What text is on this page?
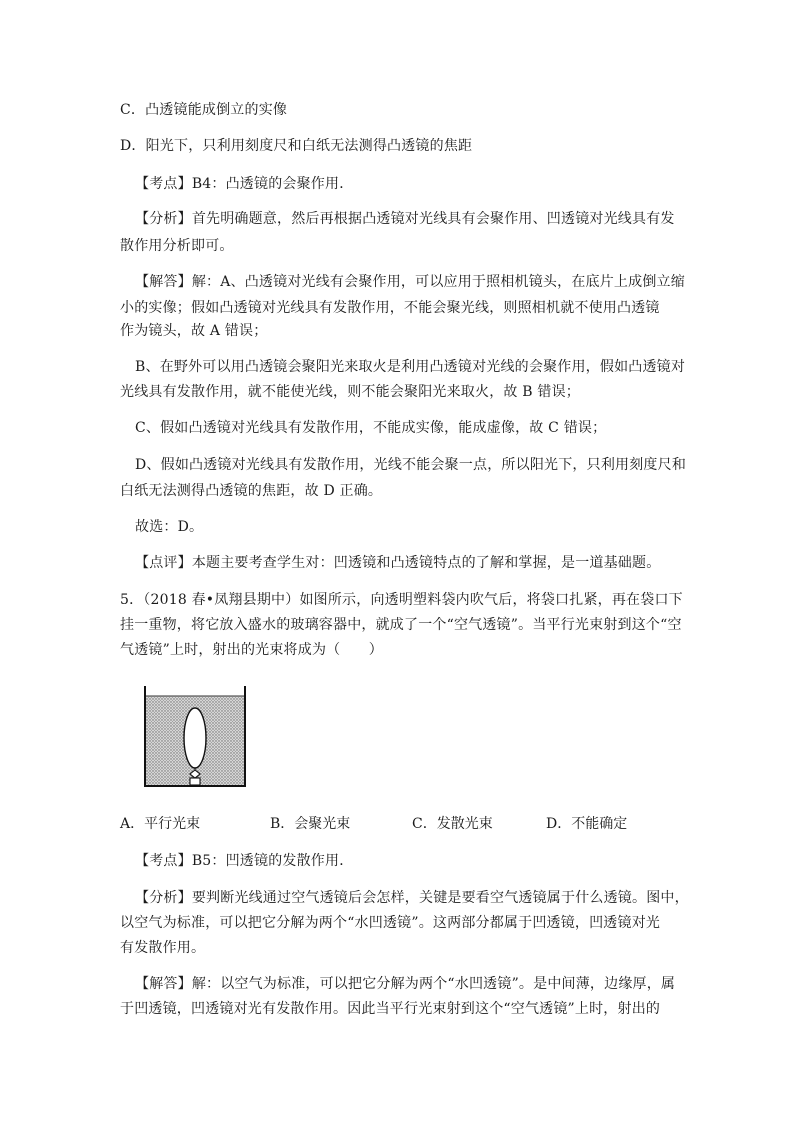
C．凸透镜能成倒立的实像
D．阳光下，只利用刻度尺和白纸无法测得凸透镜的焦距
【考点】B4：凸透镜的会聚作用．
【分析】首先明确题意，然后再根据凸透镜对光线具有会聚作用、凹透镜对光线具有发
散作用分析即可。
【解答】解：A、凸透镜对光线有会聚作用，可以应用于照相机镜头，在底片上成倒立缩
小的实像；假如凸透镜对光线具有发散作用，不能会聚光线，则照相机就不使用凸透镜
作为镜头，故 A 错误；
B、在野外可以用凸透镜会聚阳光来取火是利用凸透镜对光线的会聚作用，假如凸透镜对
光线具有发散作用，就不能使光线，则不能会聚阳光来取火，故 B 错误；
C、假如凸透镜对光线具有发散作用，不能成实像，能成虚像，故 C 错误；
D、假如凸透镜对光线具有发散作用，光线不能会聚一点，所以阳光下，只利用刻度尺和
白纸无法测得凸透镜的焦距，故 D 正确。
故选：D。
【点评】本题主要考查学生对：凹透镜和凸透镜特点的了解和掌握，是一道基础题。
5．（2018 春•凤翔县期中）如图所示，向透明塑料袋内吹气后，将袋口扎紧，再在袋口下
挂一重物，将它放入盛水的玻璃容器中，就成了一个“空气透镜”。当平行光束射到这个“空
气透镜”上时，射出的光束将成为（　　）
A．平行光束	B．会聚光束	C．发散光束	D．不能确定
【考点】B5：凹透镜的发散作用．
【分析】要判断光线通过空气透镜后会怎样，关键是要看空气透镜属于什么透镜。图中，
以空气为标准，可以把它分解为两个“水凹透镜”。这两部分都属于凹透镜，凹透镜对光
有发散作用。
【解答】解：以空气为标准，可以把它分解为两个“水凹透镜”。是中间薄，边缘厚，属
于凹透镜，凹透镜对光有发散作用。因此当平行光束射到这个“空气透镜”上时，射出的
